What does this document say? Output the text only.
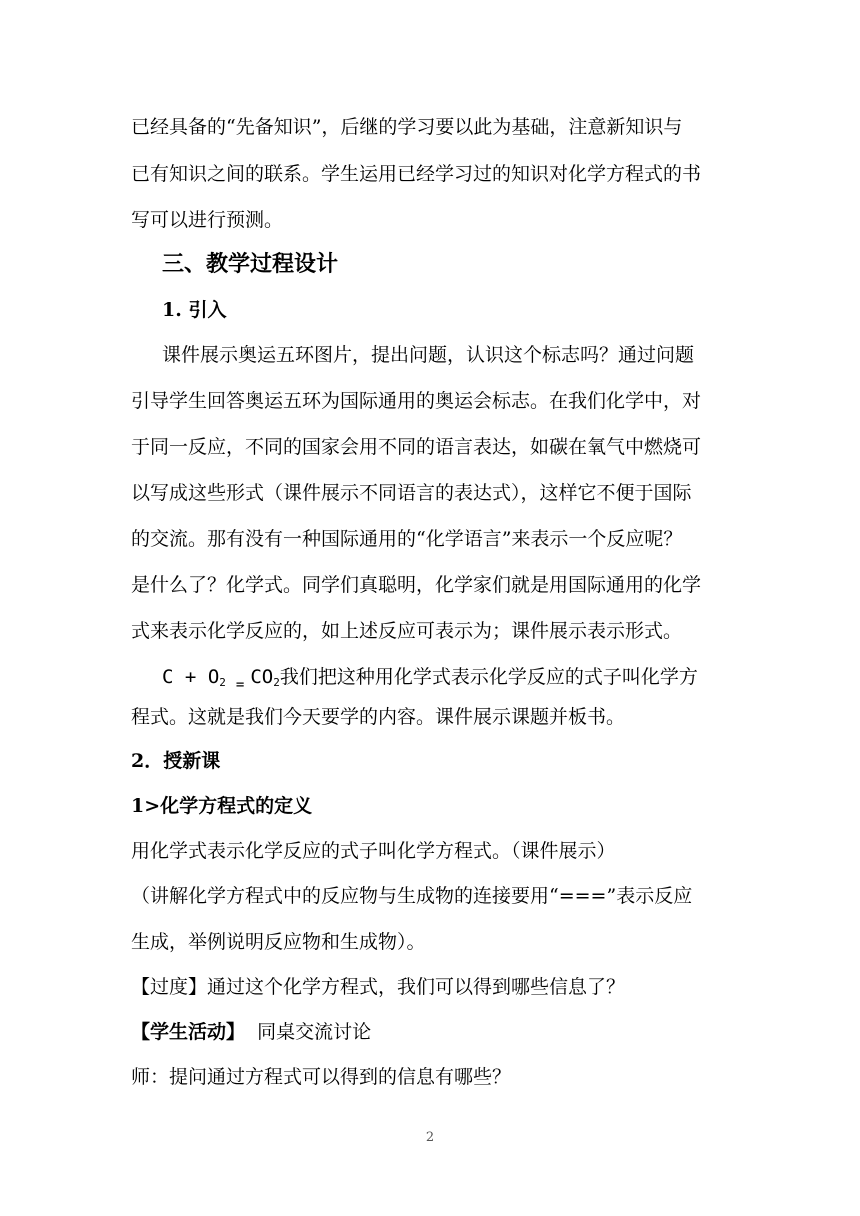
已经具备的“先备知识”，后继的学习要以此为基础，注意新知识与
已有知识之间的联系。学生运用已经学习过的知识对化学方程式的书
写可以进行预测。
三、教学过程设计
1. 引入
课件展示奥运五环图片，提出问题，认识这个标志吗？通过问题
引导学生回答奥运五环为国际通用的奥运会标志。在我们化学中，对
于同一反应，不同的国家会用不同的语言表达，如碳在氧气中燃烧可
以写成这些形式（课件展示不同语言的表达式），这样它不便于国际
的交流。那有没有一种国际通用的“化学语言”来表示一个反应呢？
是什么了？化学式。同学们真聪明，化学家们就是用国际通用的化学
式来表示化学反应的，如上述反应可表示为；课件展示表示形式。
$C + O_2$ $_=$ $CO_2$我们把这种用化学式表示化学反应的式子叫化学方
程式。这就是我们今天要学的内容。课件展示课题并板书。
2．授新课
1>化学方程式的定义
用化学式表示化学反应的式子叫化学方程式。（课件展示）
（讲解化学方程式中的反应物与生成物的连接要用“===”表示反应
生成，举例说明反应物和生成物）。
【过度】通过这个化学方程式，我们可以得到哪些信息了？
【学生活动】 同桌交流讨论
师：提问通过方程式可以得到的信息有哪些？
2
